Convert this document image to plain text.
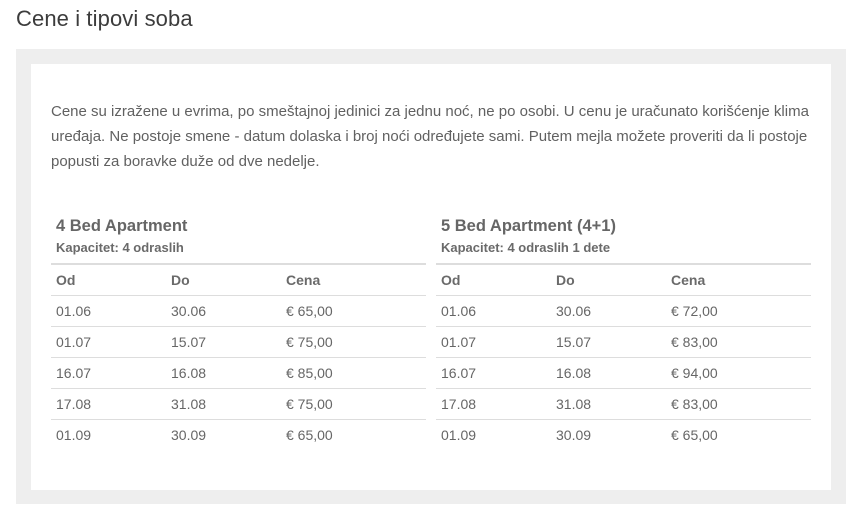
Cene i tipovi soba

Cene su izražene u evrima, po smeštajnoj jedinici za jednu noć, ne po osobi. U cenu je uračunato korišćenje klima uređaja. Ne postoje smene - datum dolaska i broj noći određujete sami. Putem mejla možete proveriti da li postoje popusti za boravke duže od dve nedelje.

4 Bed Apartment
Kapacitet: 4 odraslih
Od	Do	Cena
01.06	30.06	€ 65,00
01.07	15.07	€ 75,00
16.07	16.08	€ 85,00
17.08	31.08	€ 75,00
01.09	30.09	€ 65,00
5 Bed Apartment (4+1)
Kapacitet: 4 odraslih 1 dete
Od	Do	Cena
01.06	30.06	€ 72,00
01.07	15.07	€ 83,00
16.07	16.08	€ 94,00
17.08	31.08	€ 83,00
01.09	30.09	€ 65,00
